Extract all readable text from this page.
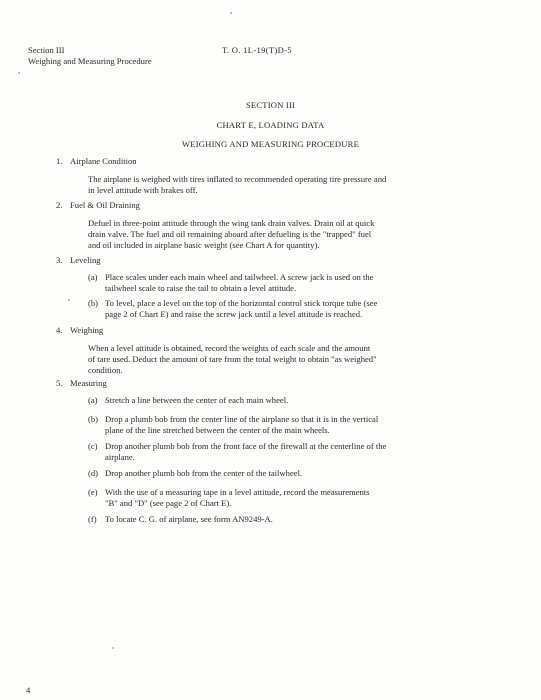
Section III
Weighing and Measuring Procedure
T. O. 1L-19(T)D-5
SECTION III
CHART E, LOADING DATA
WEIGHING AND MEASURING PROCEDURE
1. Airplane Condition
The airplane is weighed with tires inflated to recommended operating tire pressure and
in level attitude with brakes off.
2. Fuel & Oil Draining
Defuel in three-point attitude through the wing tank drain valves. Drain oil at quick
drain valve. The fuel and oil remaining aboard after defueling is the "trapped" fuel
and oil included in airplane basic weight (see Chart A for quantity).
3. Leveling
(a) Place scales under each main wheel and tailwheel. A screw jack is used on the
tailwheel scale to raise the tail to obtain a level attitude.
(b) To level, place a level on the top of the horizontal control stick torque tube (see
page 2 of Chart E) and raise the screw jack until a level attitude is reached.
4. Weighing
When a level attitude is obtained, record the weights of each scale and the amount
of tare used. Deduct the amount of tare from the total weight to obtain "as weighed"
condition.
5. Measuring
(a) Stretch a line between the center of each main wheel.
(b) Drop a plumb bob from the center line of the airplane so that it is in the vertical
plane of the line stretched between the center of the main wheels.
(c) Drop another plumb bob from the front face of the firewall at the centerline of the
airplane.
(d) Drop another plumb bob from the center of the tailwheel.
(e) With the use of a measuring tape in a level attitude, record the measurements
"B" and "D" (see page 2 of Chart E).
(f) To locate C. G. of airplane, see form AN9249-A.
4
